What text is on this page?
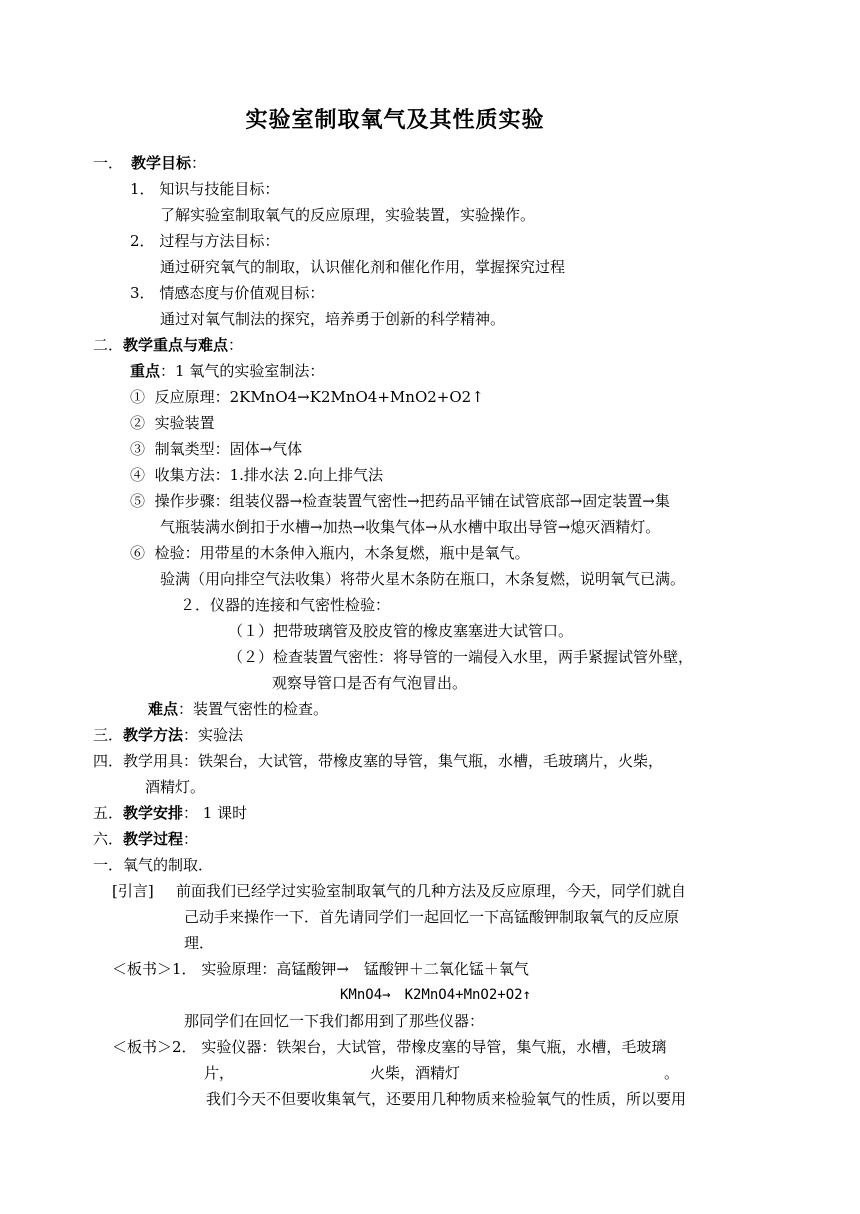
实验室制取氧气及其性质实验
一． 教学目标：
1． 知识与技能目标：
了解实验室制取氧气的反应原理，实验装置，实验操作。
2． 过程与方法目标：
通过研究氧气的制取，认识催化剂和催化作用，掌握探究过程
3． 情感态度与价值观目标：
通过对氧气制法的探究，培养勇于创新的科学精神。
二．教学重点与难点：
重点：1 氧气的实验室制法：
① 反应原理：2KMnO4→K2MnO4+MnO2+O2↑
② 实验装置
③ 制氧类型：固体→气体
④ 收集方法：1.排水法 2.向上排气法
⑤ 操作步骤：组装仪器→检查装置气密性→把药品平铺在试管底部→固定装置→集
气瓶装满水倒扣于水槽→加热→收集气体→从水槽中取出导管→熄灭酒精灯。
⑥ 检验：用带星的木条伸入瓶内，木条复燃，瓶中是氧气。
验满（用向排空气法收集）将带火星木条防在瓶口，木条复燃，说明氧气已满。
２．仪器的连接和气密性检验：
（１）把带玻璃管及胶皮管的橡皮塞塞进大试管口。
（２）检查装置气密性：将导管的一端侵入水里，两手紧握试管外壁，
观察导管口是否有气泡冒出。
难点：装置气密性的检查。
三．教学方法：实验法
四．教学用具：铁架台，大试管，带橡皮塞的导管，集气瓶，水槽，毛玻璃片，火柴，
酒精灯。
五．教学安排： 1 课时
六．教学过程：
一．氧气的制取．
[引言] 前面我们已经学过实验室制取氧气的几种方法及反应原理，今天，同学们就自
己动手来操作一下．首先请同学们一起回忆一下高锰酸钾制取氧气的反应原
理．
＜板书＞1． 实验原理：高锰酸钾→　锰酸钾＋二氧化锰＋氧气
KMnO4→　K2MnO4+MnO2+O2↑
那同学们在回忆一下我们都用到了那些仪器：
＜板书＞2． 实验仪器：铁架台，大试管，带橡皮塞的导管，集气瓶，水槽，毛玻璃
片，	火柴，酒精灯	。
我们今天不但要收集氧气，还要用几种物质来检验氧气的性质，所以要用
